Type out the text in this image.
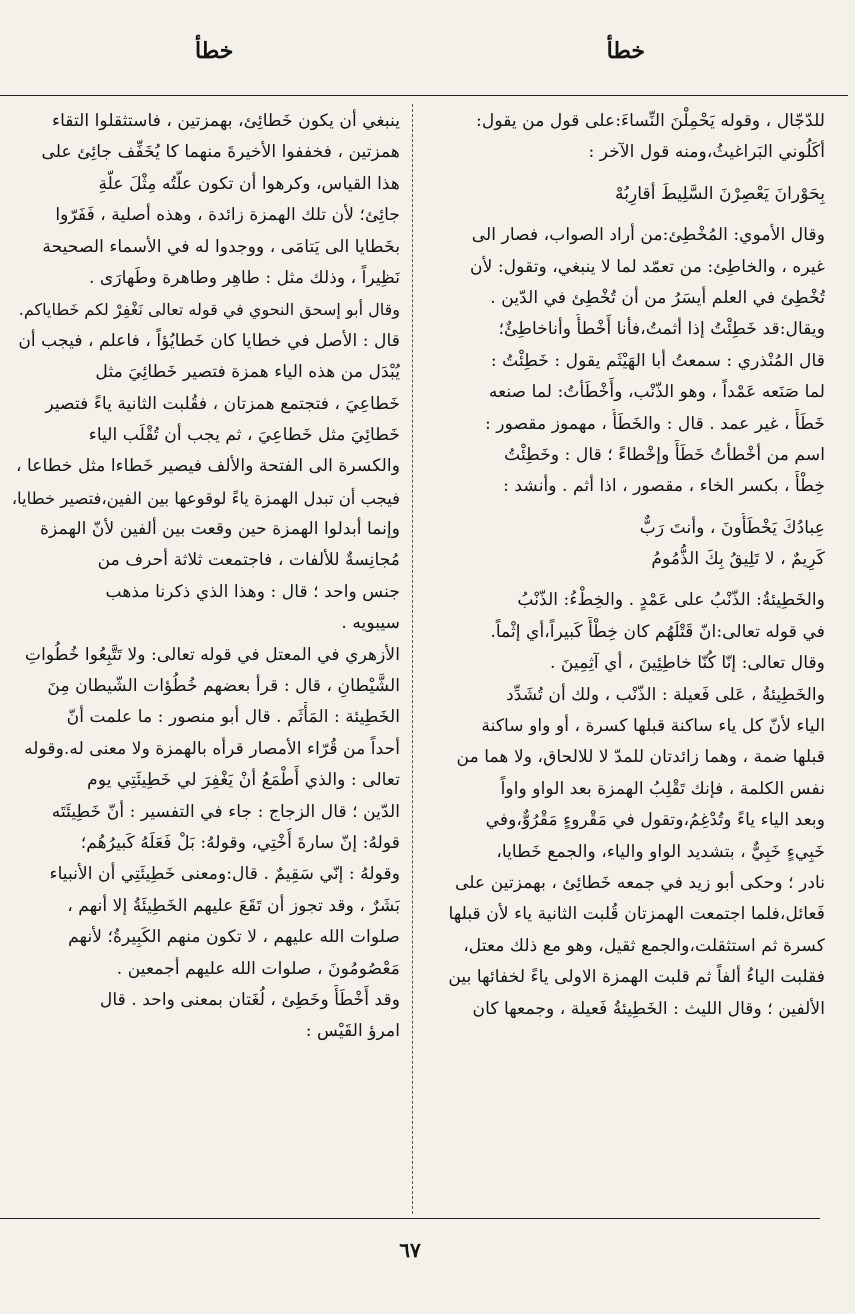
خطأ
خطأ
للدّجّال ، وقوله يَحْمِلْنَ النِّساءَ:على قول من يقول:
أكَلُوني البَراغيثُ،ومنه قول الآخر :
بِحَوْرانَ يَعْصِرْنَ السَّلِيطَ أقارِبُهْ
وقال الأموي: المُخْطِئ:من أراد الصواب، فصار الى
غيره ، والخاطِئ: من تعمّد لما لا ينبغي، وتقول: لأن
تُخْطِئ في العلم أيسَرُ من أن تُخْطِئ في الدّين .
ويقال:قد خَطِئْتُ إذا أثمتُ،فأنا أَخْطأُ وأناخاطِئٌ؛
قال المُنْذري : سمعتُ أبا الهَيْثَم يقول : خَطِئْتُ :
لما صَنَعه عَمْداً ، وهو الذّنْب، وأَخْطَأتُ: لما صنعه
خَطَأً ، غير عمد . قال : والخَطَأُ ، مهموز مقصور :
اسم من أخْطأتُ خَطَأً وإخْطاءً ؛ قال : وخَطِئْتُ
خِطْأً ، بكسر الخاء ، مقصور ، اذا أثم . وأنشد :
عِبادُكَ يَخْطَأُونَ ، وأنتَ رَبٌّ
كَرِيمٌ ، لا تَلِيقُ بِكَ الذُّمُومُ
والخَطِيئةُ: الذّنْبُ على عَمْدٍ . والخِطْءُ: الذّنْبُ
في قوله تعالى:انّ قَتْلَهُم كان خِطْأً كَبيراً،أي إثْماً.
وقال تعالى: إنّا كُنّا خاطِئِينَ ، أي آثِمِينَ .
والخَطِيئةُ ، عَلى فَعيلة : الذّنْب ، ولك أن تُشَدِّد
الياء لأنّ كل ياء ساكنة قبلها كسرة ، أو واو ساكنة
قبلها ضمة ، وهما زائدتان للمدّ لا للالحاق، ولا هما من
نفس الكلمة ، فإنك تَقْلِبُ الهمزة بعد الواو واواً
وبعد الياء ياءً وتُدْغِمُ،وتقول في مَقْروءٍ مَقْرُوٌّ،وفي
خَبِيءٍ خَبِيٌّ ، بتشديد الواو والياء، والجمع خَطايا،
نادر ؛ وحكى أبو زيد في جمعه خَطائِئ ، بهمزتين على
فَعائل،فلما اجتمعت الهمزتان قُلبت الثانية ياء لأن قبلها
كسرة ثم استثقلت،والجمع ثقيل، وهو مع ذلك معتل،
فقلبت الياءُ ألفاً ثم قلبت الهمزة الاولى ياءً لخفائها بين
الألفين ؛ وقال الليث : الخَطِيئةُ فَعيلة ، وجمعها كان
ينبغي أن يكون خَطائِئ، بهمزتين ، فاستثقلوا التقاء
همزتين ، فخففوا الأخيرةَ منهما كا يُخَفِّف جائِئ على
هذا القياس، وكرهوا أن تكون علّتُه مِثْلَ علّةِ
جائِئ؛ لأن تلك الهمزة زائدة ، وهذه أصلية ، فَفَرّوا
بخَطايا الى يَتامَى ، ووجدوا له في الأسماء الصحيحة
نَظِيراً ، وذلك مثل : طاهِر وطاهرة وطَهارَى .
وقال أبو إسحق النحوي في قوله تعالى نَغْفِرْ لكم خَطاياكم.
قال : الأصل في خطايا كان خَطايُؤاً ، فاعلم ، فيجب أن
يُبْدَل من هذه الياء همزة فتصير خَطائِيَ مثل
خَطاعِيَ ، فتجتمع همزتان ، فقُلبت الثانية ياءً فتصير
خَطائِيَ مثل خَطاعِيَ ، ثم يجب أن تُقْلَب الياء
والكسرة الى الفتحة والألف فيصير خَطاءا مثل خطاعا ،
فيجب أن تبدل الهمزة ياءً لوقوعها بين الفين،فتصير خطايا،
وإنما أبدلوا الهمزة حين وقعت بين ألفين لأنّ الهمزة
مُجانِسةٌ للألفات ، فاجتمعت ثلاثة أحرف من
جنس واحد ؛ قال : وهذا الذي ذكرنا مذهب
سيبويه .
الأزهري في المعتل في قوله تعالى: ولا تَتَّبِعُوا خُطُواتِ
الشَّيْطانِ ، قال : قرأ بعضهم خُطُؤات الشّيطان مِنَ
الخَطِيئة : المَأْثَم . قال أبو منصور : ما علمت أنّ
أحداً من قُرّاء الأمصار قرأه بالهمزة ولا معنى له.وقوله
تعالى : والذي أَطْمَعُ أنْ يَغْفِرَ لي خَطِيئَتِي يوم
الدّين ؛ قال الزجاج : جاء في التفسير : أنّ خَطِيئَتَه
قولهُ: إنّ سارةَ أُخْتِي، وقولهُ: بَلْ فَعَلَهُ كَبيرُهُم؛
وقولهُ : إنّي سَقِيمٌ . قال:ومعنى خَطِيئَتِي أن الأنبياء
بَشَرٌ ، وقد تجوز أن تَقَعَ عليهم الخَطِيئَةُ إلا أنهم ،
صلوات الله عليهم ، لا تكون منهم الكَبِيرةُ؛ لأنهم
مَعْصُومُونَ ، صلوات الله عليهم أجمعين .
وقد أَخْطَأَ وخَطِئ ، لُغَتان بمعنى واحد . قال
امرؤ القَيْس :
٦٧
